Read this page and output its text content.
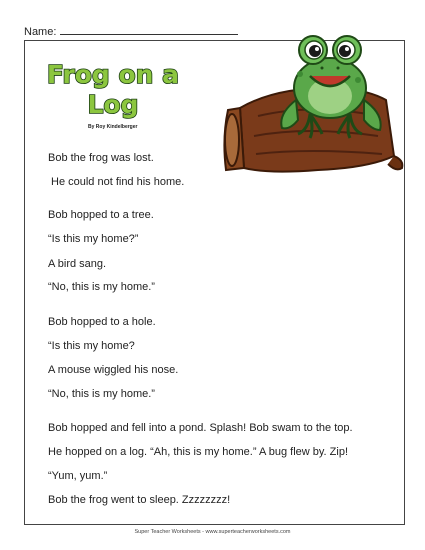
Name:
Frog on a
Log
By Roy Kindelberger

Bob the frog was lost.

He could not find his home.

Bob hopped to a tree.

“Is this my home?”

A bird sang.

“No, this is my home.”

Bob hopped to a hole.

“Is this my home?

A mouse wiggled his nose.

“No, this is my home.”

Bob hopped and fell into a pond. Splash! Bob swam to the top.

He hopped on a log. “Ah, this is my home.” A bug flew by. Zip!

“Yum, yum.”

Bob the frog went to sleep. Zzzzzzzz!

Super Teacher Worksheets - www.superteacherworksheets.com
